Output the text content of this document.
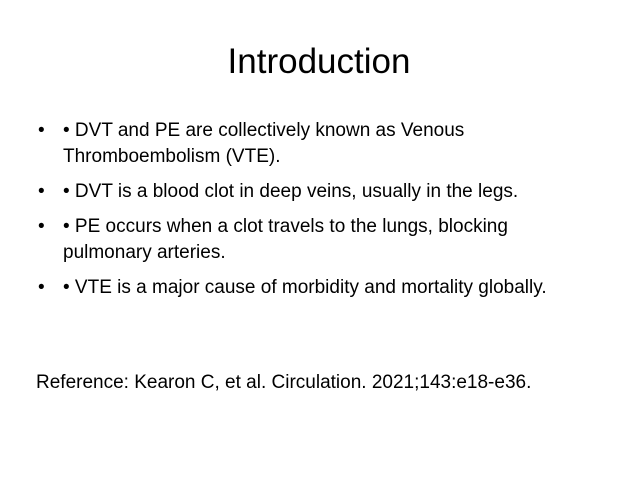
Introduction
• • DVT and PE are collectively known as Venous Thromboembolism (VTE).
• • DVT is a blood clot in deep veins, usually in the legs.
• • PE occurs when a clot travels to the lungs, blocking pulmonary arteries.
• • VTE is a major cause of morbidity and mortality globally.

Reference: Kearon C, et al. Circulation. 2021;143:e18-e36.
